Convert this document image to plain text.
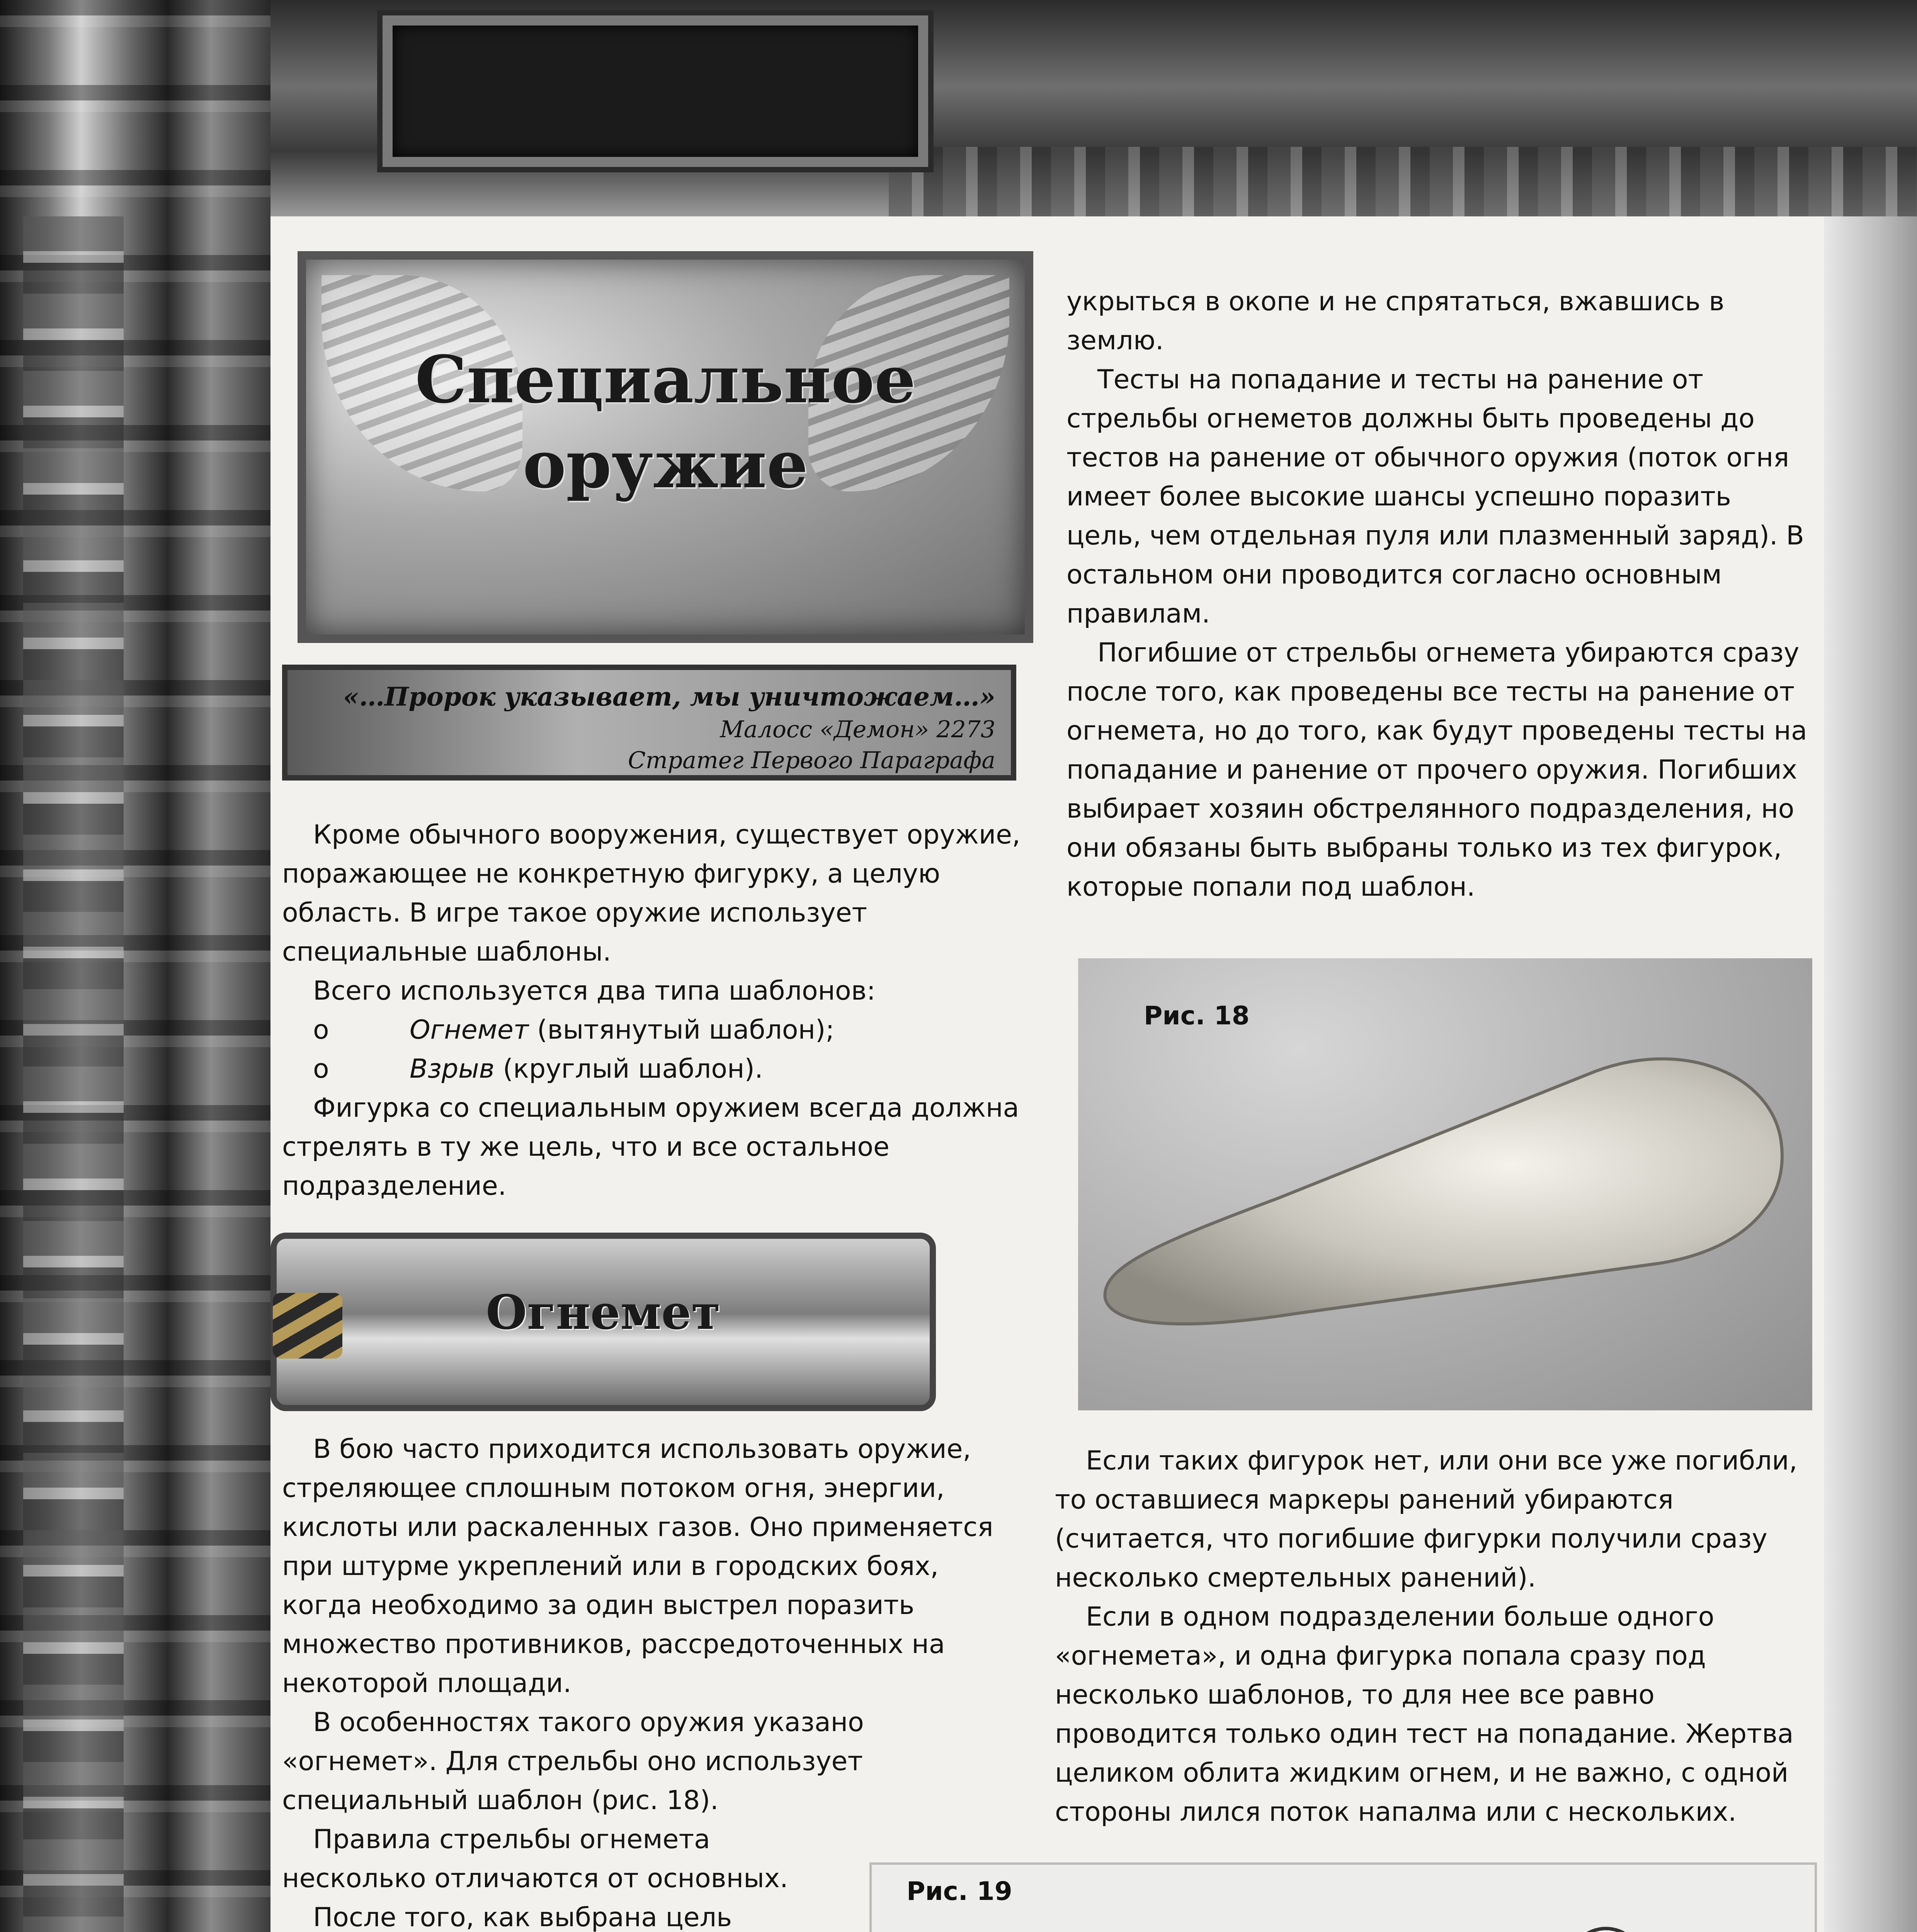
Специальное
оружие
«…Пророк указывает, мы уничтожаем…»
Малосс «Демон» 2273
Стратег Первого Параграфа

Кроме обычного вооружения, существует оружие, поражающее не конкретную фигурку, а целую область. В игре такое оружие использует специальные шаблоны.

Всего используется два типа шаблонов:

о	Огнемет (вытянутый шаблон);

о	Взрыв (круглый шаблон).

Фигурка со специальным оружием всегда должна стрелять в ту же цель, что и все остальное подразделение.

Огнемет

В бою часто приходится использовать оружие, стреляющее сплошным потоком огня, энергии, кислоты или раскаленных газов. Оно применяется при штурме укреплений или в городских боях, когда необходимо за один выстрел поразить множество противников, рассредоточенных на некоторой площади.

В особенностях такого оружия указано «огнемет». Для стрельбы оно использует специальный шаблон (рис. 18).

Правила стрельбы огнемета несколько отличаются от основных.

После того, как выбрана цель

укрыться в окопе и не спрятаться, вжавшись в землю.

Тесты на попадание и тесты на ранение от стрельбы огнеметов должны быть проведены до тестов на ранение от обычного оружия (поток огня имеет более высокие шансы успешно поразить цель, чем отдельная пуля или плазменный заряд). В остальном они проводится согласно основным правилам.

Погибшие от стрельбы огнемета убираются сразу после того, как проведены все тесты на ранение от огнемета, но до того, как будут проведены тесты на попадание и ранение от прочего оружия. Погибших выбирает хозяин обстрелянного подразделения, но они обязаны быть выбраны только из тех фигурок, которые попали под шаблон.

Рис. 18

Если таких фигурок нет, или они все уже погибли, то оставшиеся маркеры ранений убираются (считается, что погибшие фигурки получили сразу несколько смертельных ранений).

Если в одном подразделении больше одного «огнемета», и одна фигурка попала сразу под несколько шаблонов, то для нее все равно проводится только один тест на попадание. Жертва целиком облита жидким огнем, и не важно, с одной стороны лился поток напалма или с нескольких.

Рис. 19
